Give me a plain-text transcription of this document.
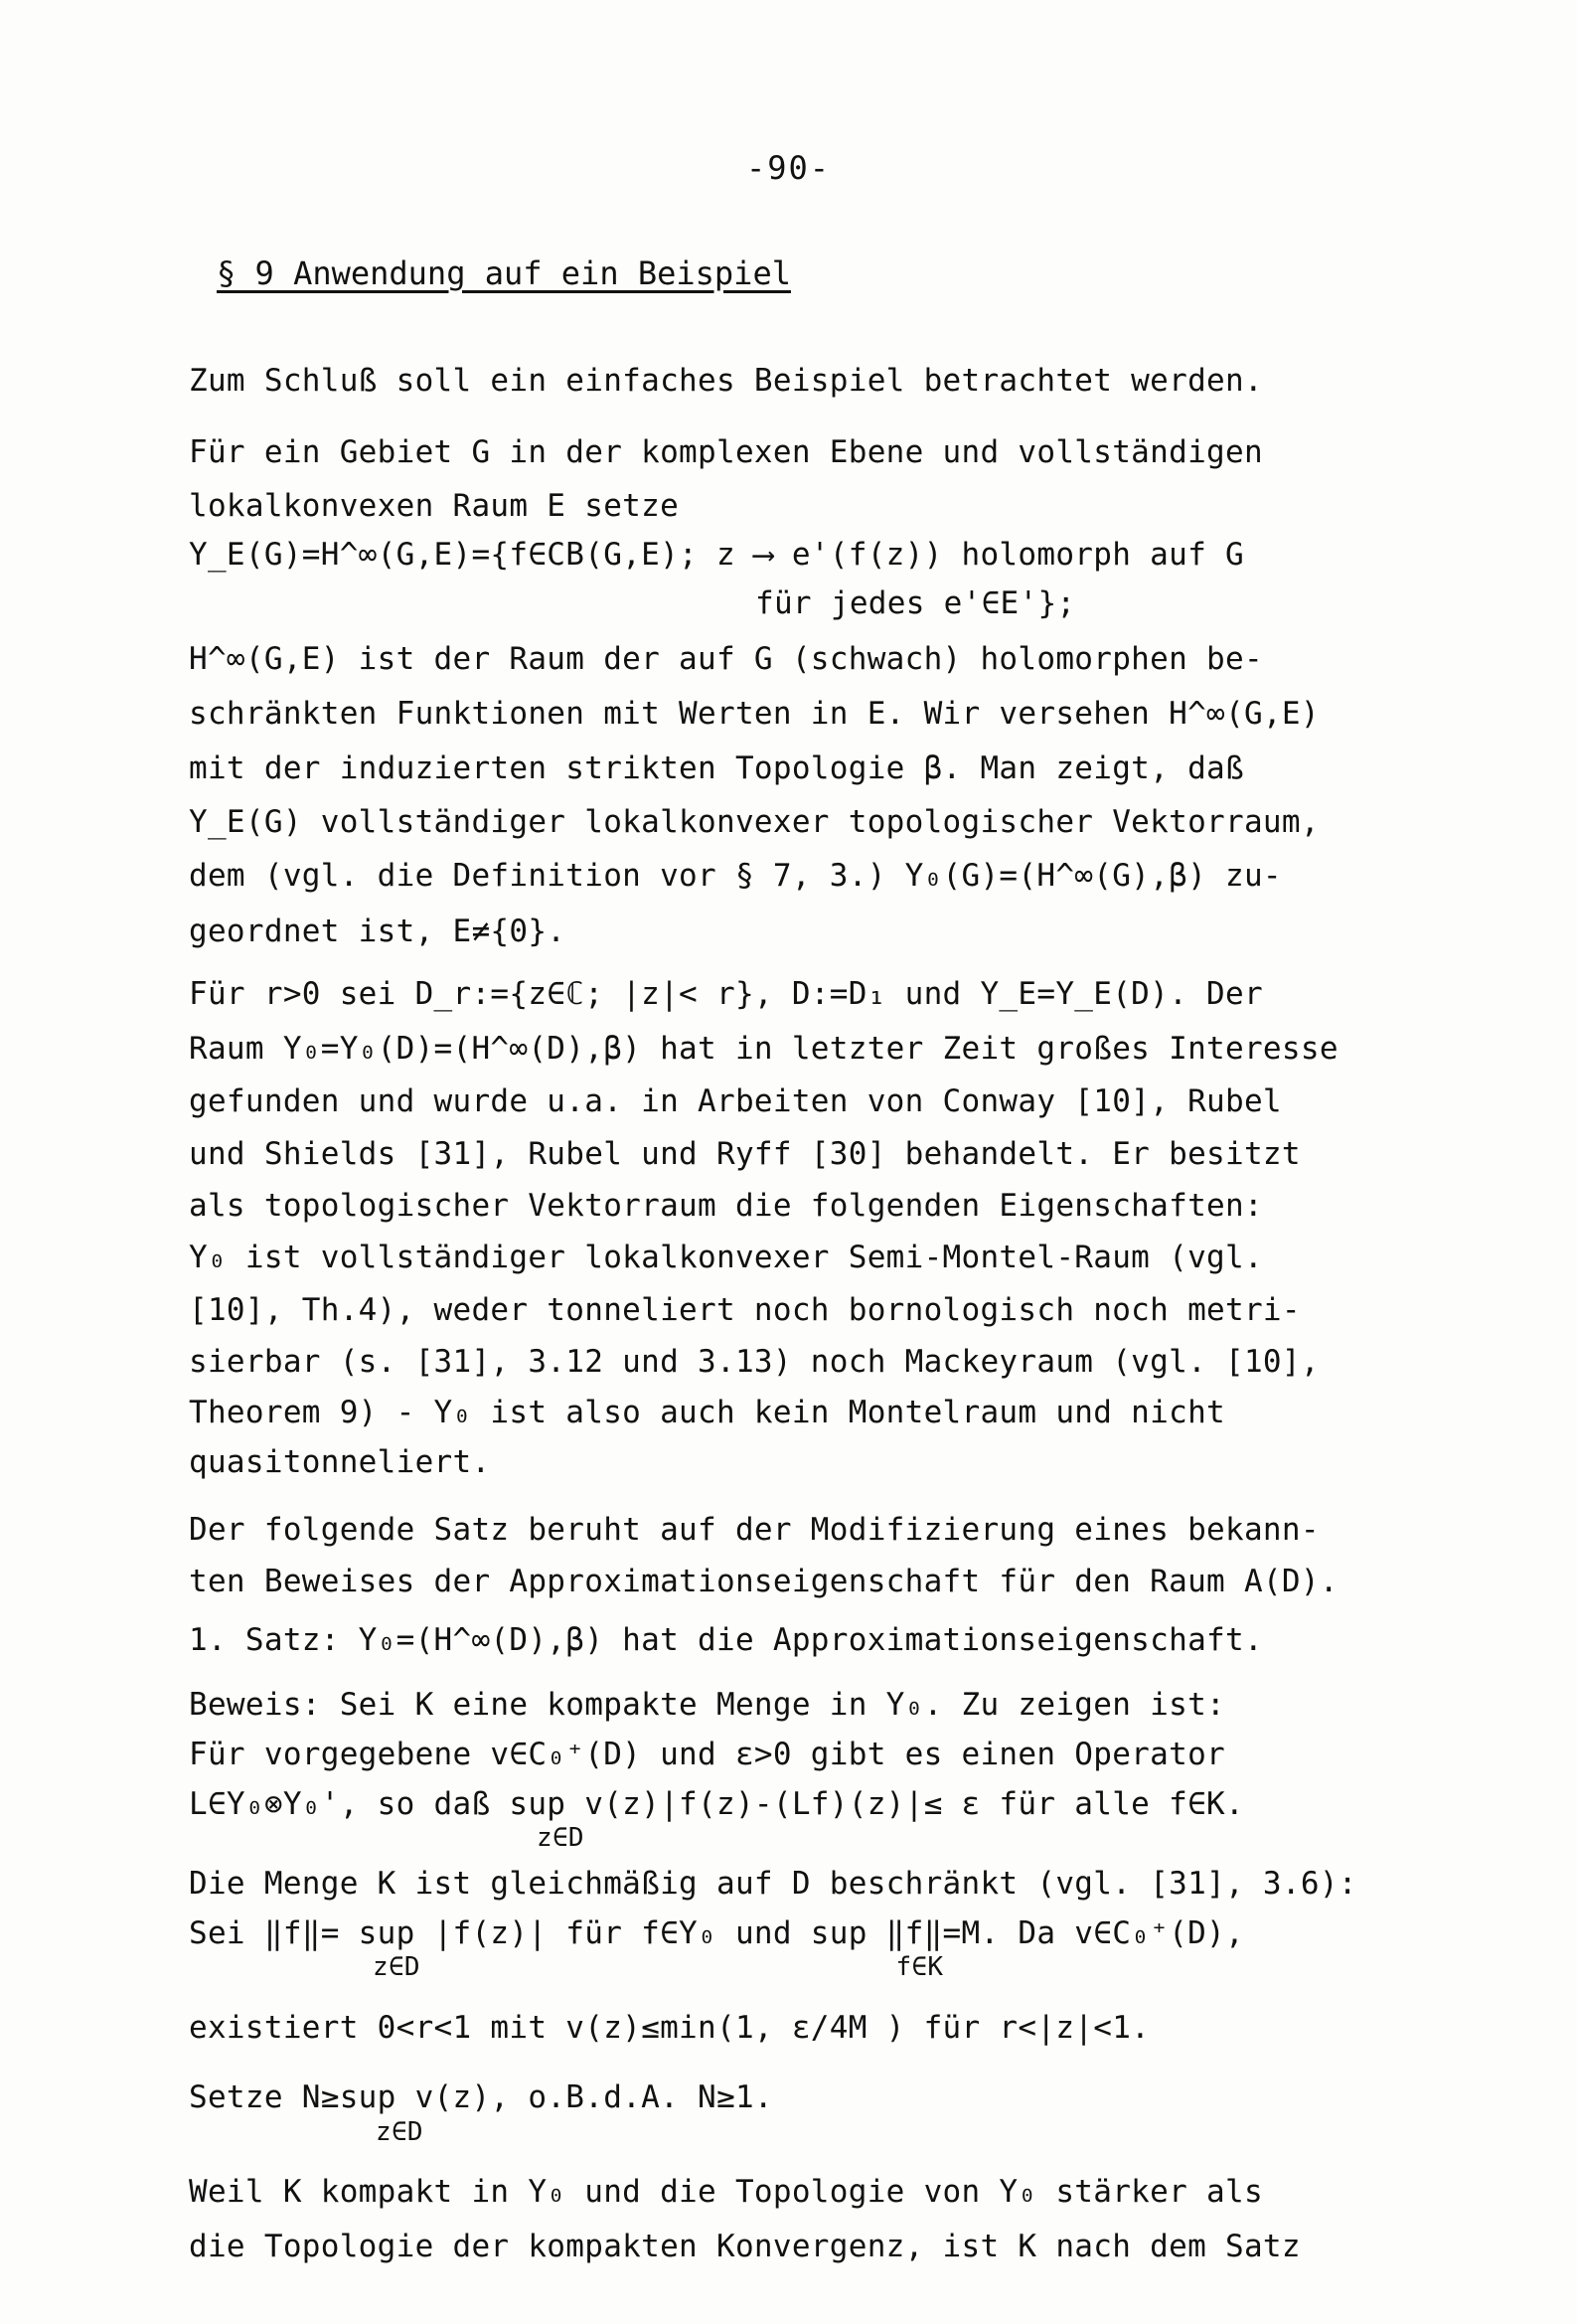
-90-
§ 9 Anwendung auf ein Beispiel
Zum Schluß soll ein einfaches Beispiel betrachtet werden.
Für ein Gebiet G in der komplexen Ebene und vollständigen
lokalkonvexen Raum E setze
Y_E(G)=H^∞(G,E)={f∈CB(G,E); z ⟶ e'(f(z)) holomorph auf G
für jedes e'∈E'};
H^∞(G,E) ist der Raum der auf G (schwach) holomorphen be-
schränkten Funktionen mit Werten in E. Wir versehen H^∞(G,E)
mit der induzierten strikten Topologie β. Man zeigt, daß
Y_E(G) vollständiger lokalkonvexer topologischer Vektorraum,
dem (vgl. die Definition vor § 7, 3.) Y₀(G)=(H^∞(G),β) zu-
geordnet ist, E≠{0}.
Für r>0 sei D_r:={z∈ℂ; |z|< r}, D:=D₁ und Y_E=Y_E(D). Der
Raum Y₀=Y₀(D)=(H^∞(D),β) hat in letzter Zeit großes Interesse
gefunden und wurde u.a. in Arbeiten von Conway [10], Rubel
und Shields [31], Rubel und Ryff [30] behandelt. Er besitzt
als topologischer Vektorraum die folgenden Eigenschaften:
Y₀ ist vollständiger lokalkonvexer Semi-Montel-Raum (vgl.
[10], Th.4), weder tonneliert noch bornologisch noch metri-
sierbar (s. [31], 3.12 und 3.13) noch Mackeyraum (vgl. [10],
Theorem 9) - Y₀ ist also auch kein Montelraum und nicht
quasitonneliert.
Der folgende Satz beruht auf der Modifizierung eines bekann-
ten Beweises der Approximationseigenschaft für den Raum A(D).
1. Satz: Y₀=(H^∞(D),β) hat die Approximationseigenschaft.
Beweis: Sei K eine kompakte Menge in Y₀. Zu zeigen ist:
Für vorgegebene v∈C₀⁺(D) und ε>0 gibt es einen Operator
L∈Y₀⊗Y₀', so daß sup v(z)|f(z)-(Lf)(z)|≤ ε für alle f∈K.
z∈D
Die Menge K ist gleichmäßig auf D beschränkt (vgl. [31], 3.6):
Sei ‖f‖= sup |f(z)| für f∈Y₀ und sup ‖f‖=M. Da v∈C₀⁺(D),
z∈D                              f∈K
existiert 0<r<1 mit v(z)≤min(1, ε/4M ) für r<|z|<1.
Setze N≥sup v(z), o.B.d.A. N≥1.
z∈D
Weil K kompakt in Y₀ und die Topologie von Y₀ stärker als
die Topologie der kompakten Konvergenz, ist K nach dem Satz
